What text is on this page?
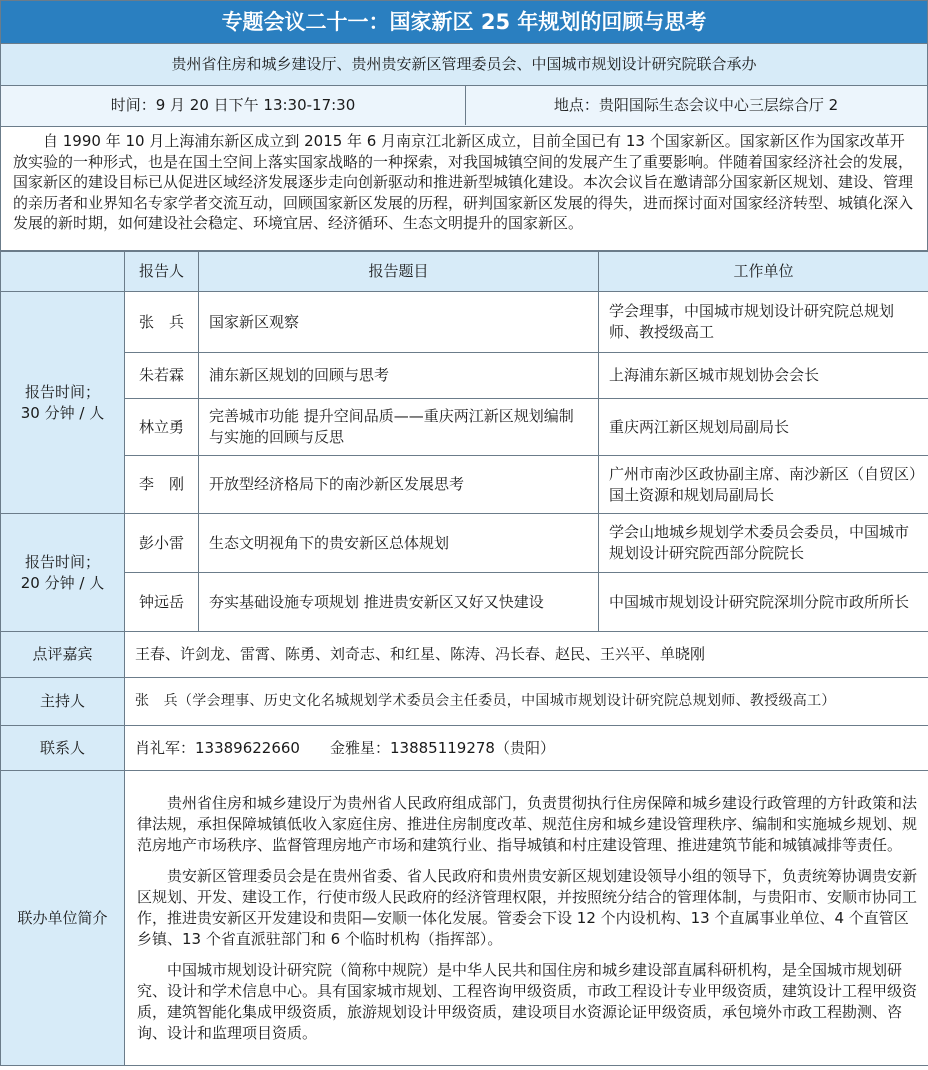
专题会议二十一：国家新区 25 年规划的回顾与思考
贵州省住房和城乡建设厅、贵州贵安新区管理委员会、中国城市规划设计研究院联合承办
时间：9 月 20 日下午 13:30-17:30	地点：贵阳国际生态会议中心三层综合厅 2
自 1990 年 10 月上海浦东新区成立到 2015 年 6 月南京江北新区成立，目前全国已有 13 个国家新区。国家新区作为国家改革开放实验的一种形式，也是在国土空间上落实国家战略的一种探索，对我国城镇空间的发展产生了重要影响。伴随着国家经济社会的发展，国家新区的建设目标已从促进区域经济发展逐步走向创新驱动和推进新型城镇化建设。本次会议旨在邀请部分国家新区规划、建设、管理的亲历者和业界知名专家学者交流互动，回顾国家新区发展的历程，研判国家新区发展的得失，进而探讨面对国家经济转型、城镇化深入发展的新时期，如何建设社会稳定、环境宜居、经济循环、生态文明提升的国家新区。
	报告人	报告题目	工作单位

报告时间；
30 分钟 / 人	张　兵	国家新区观察	学会理事，中国城市规划设计研究院总规划师、教授级高工
	朱若霖	浦东新区规划的回顾与思考	上海浦东新区城市规划协会会长
	林立勇	完善城市功能 提升空间品质——重庆两江新区规划编制与实施的回顾与反思	重庆两江新区规划局副局长
	李　刚	开放型经济格局下的南沙新区发展思考	广州市南沙区政协副主席、南沙新区（自贸区）国土资源和规划局副局长

报告时间；
20 分钟 / 人	彭小雷	生态文明视角下的贵安新区总体规划	学会山地城乡规划学术委员会委员，中国城市规划设计研究院西部分院院长
	钟远岳	夯实基础设施专项规划 推进贵安新区又好又快建设	中国城市规划设计研究院深圳分院市政所所长
点评嘉宾	王春、许剑龙、雷霄、陈勇、刘奇志、和红星、陈涛、冯长春、赵民、王兴平、单晓刚		
主持人	张　兵（学会理事、历史文化名城规划学术委员会主任委员，中国城市规划设计研究院总规划师、教授级高工）		
联系人	肖礼军：13389622660　　金雅星：13885119278（贵阳）		
联办单位简介	贵州省住房和城乡建设厅为贵州省人民政府组成部门，负责贯彻执行住房保障和城乡建设行政管理的方针政策和法律法规，承担保障城镇低收入家庭住房、推进住房制度改革、规范住房和城乡建设管理秩序、编制和实施城乡规划、规范房地产市场秩序、监督管理房地产市场和建筑行业、指导城镇和村庄建设管理、推进建筑节能和城镇减排等责任。

贵安新区管理委员会是在贵州省委、省人民政府和贵州贵安新区规划建设领导小组的领导下，负责统筹协调贵安新区规划、开发、建设工作，行使市级人民政府的经济管理权限，并按照统分结合的管理体制，与贵阳市、安顺市协同工作，推进贵安新区开发建设和贵阳—安顺一体化发展。管委会下设 12 个内设机构、13 个直属事业单位、4 个直管区乡镇、13 个省直派驻部门和 6 个临时机构（指挥部）。

中国城市规划设计研究院（简称中规院）是中华人民共和国住房和城乡建设部直属科研机构，是全国城市规划研究、设计和学术信息中心。具有国家城市规划、工程咨询甲级资质，市政工程设计专业甲级资质，建筑设计工程甲级资质，建筑智能化集成甲级资质，旅游规划设计甲级资质，建设项目水资源论证甲级资质，承包境外市政工程勘测、咨询、设计和监理项目资质。		
